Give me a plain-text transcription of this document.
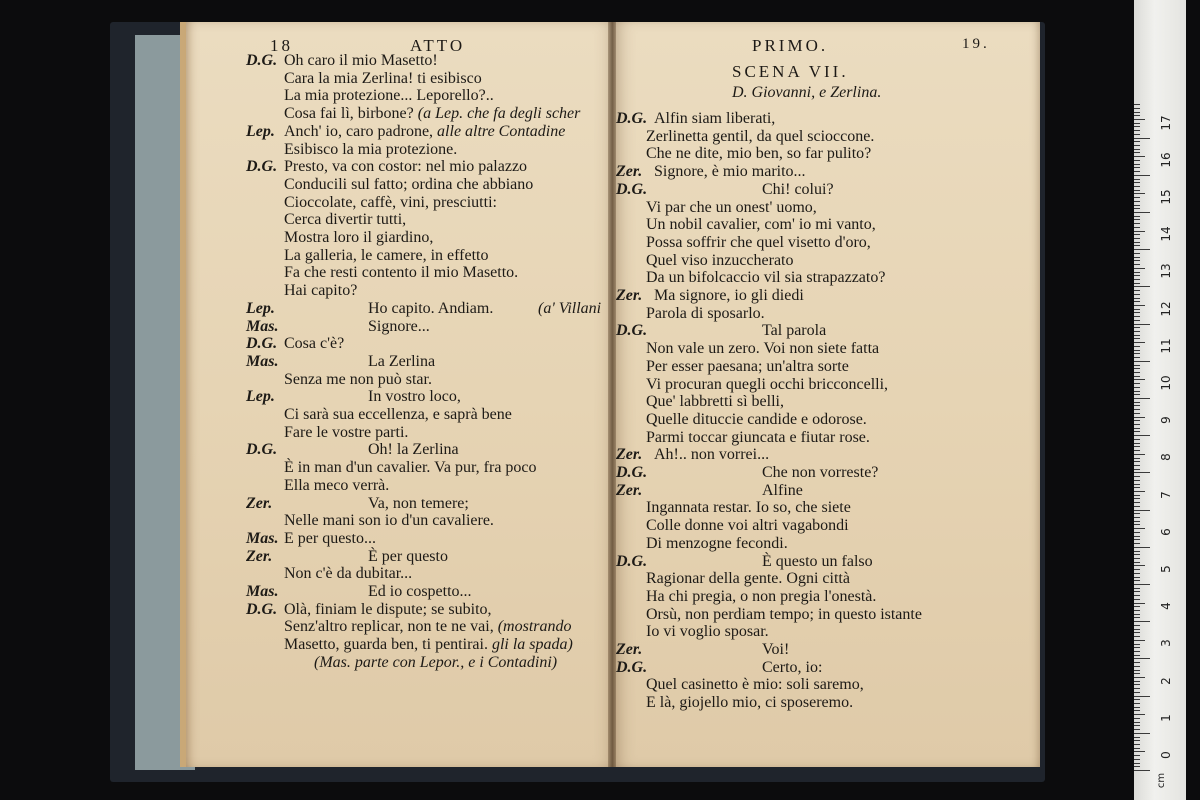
18	ATTO
D.G. Oh caro il mio Masetto!
Cara la mia Zerlina! ti esibisco
La mia protezione... Leporello?..
Cosa fai lì, birbone? (a Lep. che fa degli scher
Lep. Anch' io, caro padrone, alle altre Contadine
Esibisco la mia protezione.
D.G. Presto, va con costor: nel mio palazzo
Conducili sul fatto; ordina che abbiano
Cioccolate, caffè, vini, presciutti:
Cerca divertir tutti,
Mostra loro il giardino,
La galleria, le camere, in effetto
Fa che resti contento il mio Masetto.
Hai capito?
Lep.	Ho capito. Andiam.	(a' Villani
Mas.	Signore...
D.G. Cosa c'è?
Mas.	La Zerlina
Senza me non può star.
Lep.	In vostro loco,
Ci sarà sua eccellenza, e saprà bene
Fare le vostre parti.
D.G.	Oh! la Zerlina
È in man d'un cavalier. Va pur, fra poco
Ella meco verrà.
Zer.	Va, non temere;
Nelle mani son io d'un cavaliere.
Mas. E per questo...
Zer.	È per questo
Non c'è da dubitar...
Mas.	Ed io cospetto...
D.G. Olà, finiam le dispute; se subito,
Senz'altro replicar, non te ne vai, (mostrando
Masetto, guarda ben, ti pentirai. gli la spada)
(Mas. parte con Lepor., e i Contadini)
PRIMO.	19.
SCENA VII.
D. Giovanni, e Zerlina.
D.G. Alfin siam liberati,
Zerlinetta gentil, da quel scioccone.
Che ne dite, mio ben, so far pulito?
Zer. Signore, è mio marito...
D.G.	Chi! colui?
Vi par che un onest' uomo,
Un nobil cavalier, com' io mi vanto,
Possa soffrir che quel visetto d'oro,
Quel viso inzuccherato
Da un bifolcaccio vil sia strapazzato?
Zer. Ma signore, io gli diedi
Parola di sposarlo.
D.G.	Tal parola
Non vale un zero. Voi non siete fatta
Per esser paesana; un'altra sorte
Vi procuran quegli occhi bricconcelli,
Que' labbretti sì belli,
Quelle dituccie candide e odorose.
Parmi toccar giuncata e fiutar rose.
Zer. Ah!.. non vorrei...
D.G.	Che non vorreste?
Zer.	Alfine
Ingannata restar. Io so, che siete
Colle donne voi altri vagabondi
Di menzogne fecondi.
D.G.	È questo un falso
Ragionar della gente. Ogni città
Ha chi pregia, o non pregia l'onestà.
Orsù, non perdiam tempo; in questo istante
Io vi voglio sposar.
Zer.	Voi!
D.G.	Certo, io:
Quel casinetto è mio: soli saremo,
E là, giojello mio, ci sposeremo.
0
1
2
3
4
5
6
7
8
9
10
11
12
13
14
15
16
17
cm
